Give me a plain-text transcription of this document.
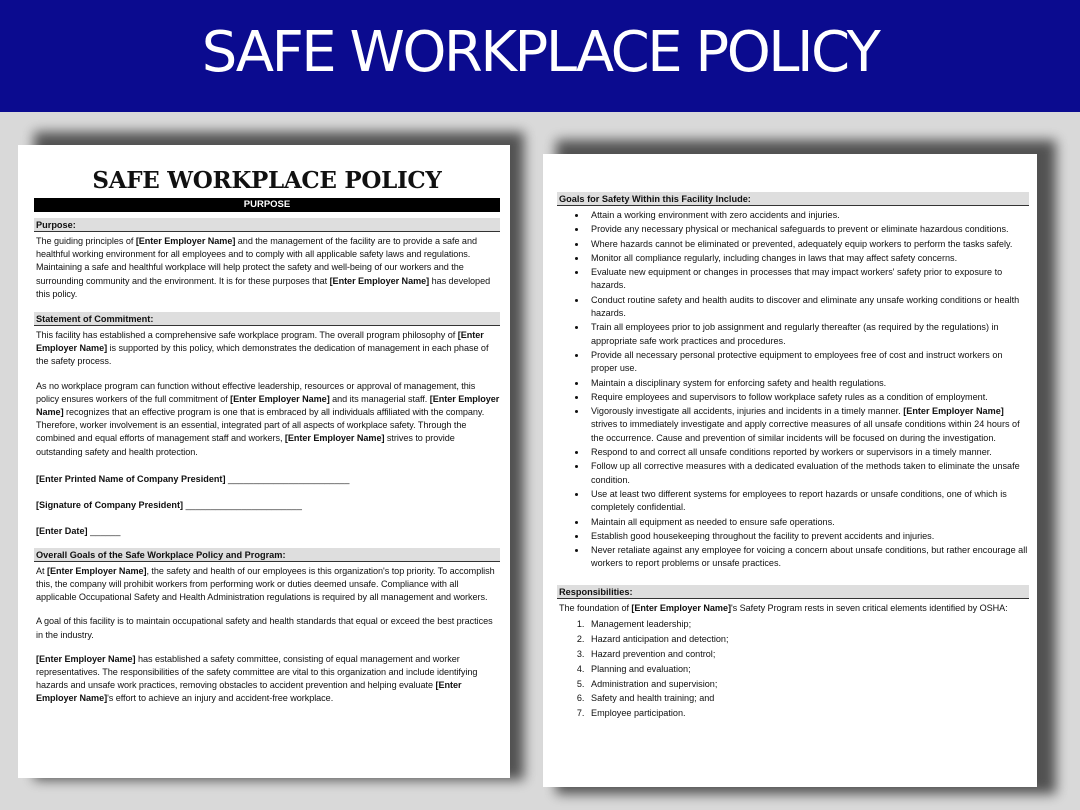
SAFE WORKPLACE POLICY
SAFE WORKPLACE POLICY
PURPOSE
Purpose:
The guiding principles of [Enter Employer Name] and the management of the facility are to provide a safe and healthful working environment for all employees and to comply with all applicable safety laws and regulations. Maintaining a safe and healthful workplace will help protect the safety and well-being of our workers and the surrounding community and the environment. It is for these purposes that [Enter Employer Name] has developed this policy.
Statement of Commitment:
This facility has established a comprehensive safe workplace program. The overall program philosophy of [Enter Employer Name] is supported by this policy, which demonstrates the dedication of management in each phase of the safety process.
As no workplace program can function without effective leadership, resources or approval of management, this policy ensures workers of the full commitment of [Enter Employer Name] and its managerial staff. [Enter Employer Name] recognizes that an effective program is one that is embraced by all individuals affiliated with the company. Therefore, worker involvement is an essential, integrated part of all aspects of workplace safety. Through the combined and equal efforts of management staff and workers, [Enter Employer Name] strives to provide outstanding safety and health protection.
[Enter Printed Name of Company President] ________________________
[Signature of Company President] _______________________
[Enter Date] ______
Overall Goals of the Safe Workplace Policy and Program:
At [Enter Employer Name], the safety and health of our employees is this organization's top priority. To accomplish this, the company will prohibit workers from performing work or duties deemed unsafe. Compliance with all applicable Occupational Safety and Health Administration regulations is required by all management and workers.
A goal of this facility is to maintain occupational safety and health standards that equal or exceed the best practices in the industry.
[Enter Employer Name] has established a safety committee, consisting of equal management and worker representatives. The responsibilities of the safety committee are vital to this organization and include identifying hazards and unsafe work practices, removing obstacles to accident prevention and helping evaluate [Enter Employer Name]'s effort to achieve an injury and accident-free workplace.
Goals for Safety Within this Facility Include:
• Attain a working environment with zero accidents and injuries.
• Provide any necessary physical or mechanical safeguards to prevent or eliminate hazardous conditions.
• Where hazards cannot be eliminated or prevented, adequately equip workers to perform the tasks safely.
• Monitor all compliance regularly, including changes in laws that may affect safety concerns.
• Evaluate new equipment or changes in processes that may impact workers' safety prior to exposure to hazards.
• Conduct routine safety and health audits to discover and eliminate any unsafe working conditions or health hazards.
• Train all employees prior to job assignment and regularly thereafter (as required by the regulations) in appropriate safe work practices and procedures.
• Provide all necessary personal protective equipment to employees free of cost and instruct workers on proper use.
• Maintain a disciplinary system for enforcing safety and health regulations.
• Require employees and supervisors to follow workplace safety rules as a condition of employment.
• Vigorously investigate all accidents, injuries and incidents in a timely manner. [Enter Employer Name] strives to immediately investigate and apply corrective measures of all unsafe conditions within 24 hours of the occurrence. Cause and prevention of similar incidents will be focused on during the investigation.
• Respond to and correct all unsafe conditions reported by workers or supervisors in a timely manner.
• Follow up all corrective measures with a dedicated evaluation of the methods taken to eliminate the unsafe condition.
• Use at least two different systems for employees to report hazards or unsafe conditions, one of which is completely confidential.
• Maintain all equipment as needed to ensure safe operations.
• Establish good housekeeping throughout the facility to prevent accidents and injuries.
• Never retaliate against any employee for voicing a concern about unsafe conditions, but rather encourage all workers to report problems or unsafe practices.
Responsibilities:
The foundation of [Enter Employer Name]'s Safety Program rests in seven critical elements identified by OSHA:
1. Management leadership;
2. Hazard anticipation and detection;
3. Hazard prevention and control;
4. Planning and evaluation;
5. Administration and supervision;
6. Safety and health training; and
7. Employee participation.
